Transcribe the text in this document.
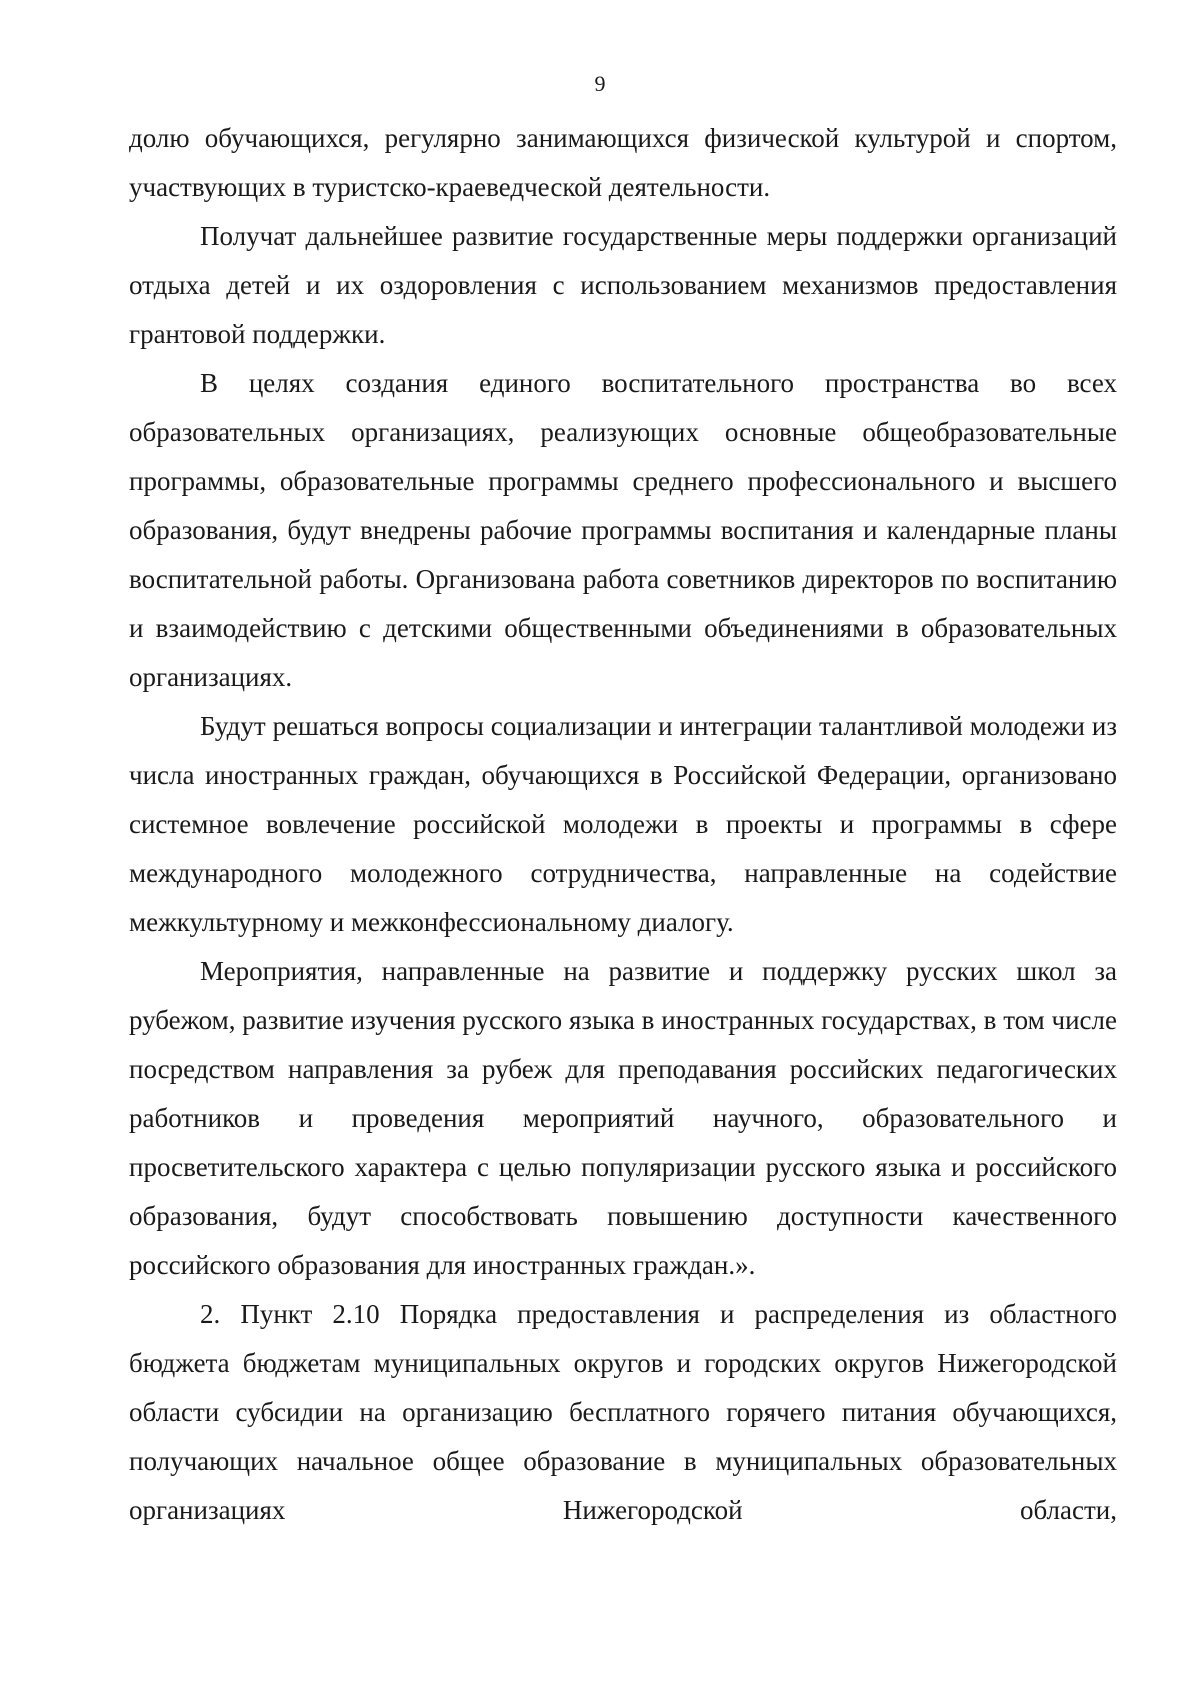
9

долю обучающихся, регулярно занимающихся физической культурой и спортом, участвующих в туристско-краеведческой деятельности.

Получат дальнейшее развитие государственные меры поддержки организаций отдыха детей и их оздоровления с использованием механизмов предоставления грантовой поддержки.

В целях создания единого воспитательного пространства во всех образовательных организациях, реализующих основные общеобразовательные программы, образовательные программы среднего профессионального и высшего образования, будут внедрены рабочие программы воспитания и календарные планы воспитательной работы. Организована работа советников директоров по воспитанию и взаимодействию с детскими общественными объединениями в образовательных организациях.

Будут решаться вопросы социализации и интеграции талантливой молодежи из числа иностранных граждан, обучающихся в Российской Федерации, организовано системное вовлечение российской молодежи в проекты и программы в сфере международного молодежного сотрудничества, направленные на содействие межкультурному и межконфессиональному диалогу.

Мероприятия, направленные на развитие и поддержку русских школ за рубежом, развитие изучения русского языка в иностранных государствах, в том числе посредством направления за рубеж для преподавания российских педагогических работников и проведения мероприятий научного, образовательного и просветительского характера с целью популяризации русского языка и российского образования, будут способствовать повышению доступности качественного российского образования для иностранных граждан.».

2. Пункт 2.10 Порядка предоставления и распределения из областного бюджета бюджетам муниципальных округов и городских округов Нижегородской области субсидии на организацию бесплатного горячего питания обучающихся, получающих начальное общее образование в муниципальных образовательных организациях Нижегородской области,
